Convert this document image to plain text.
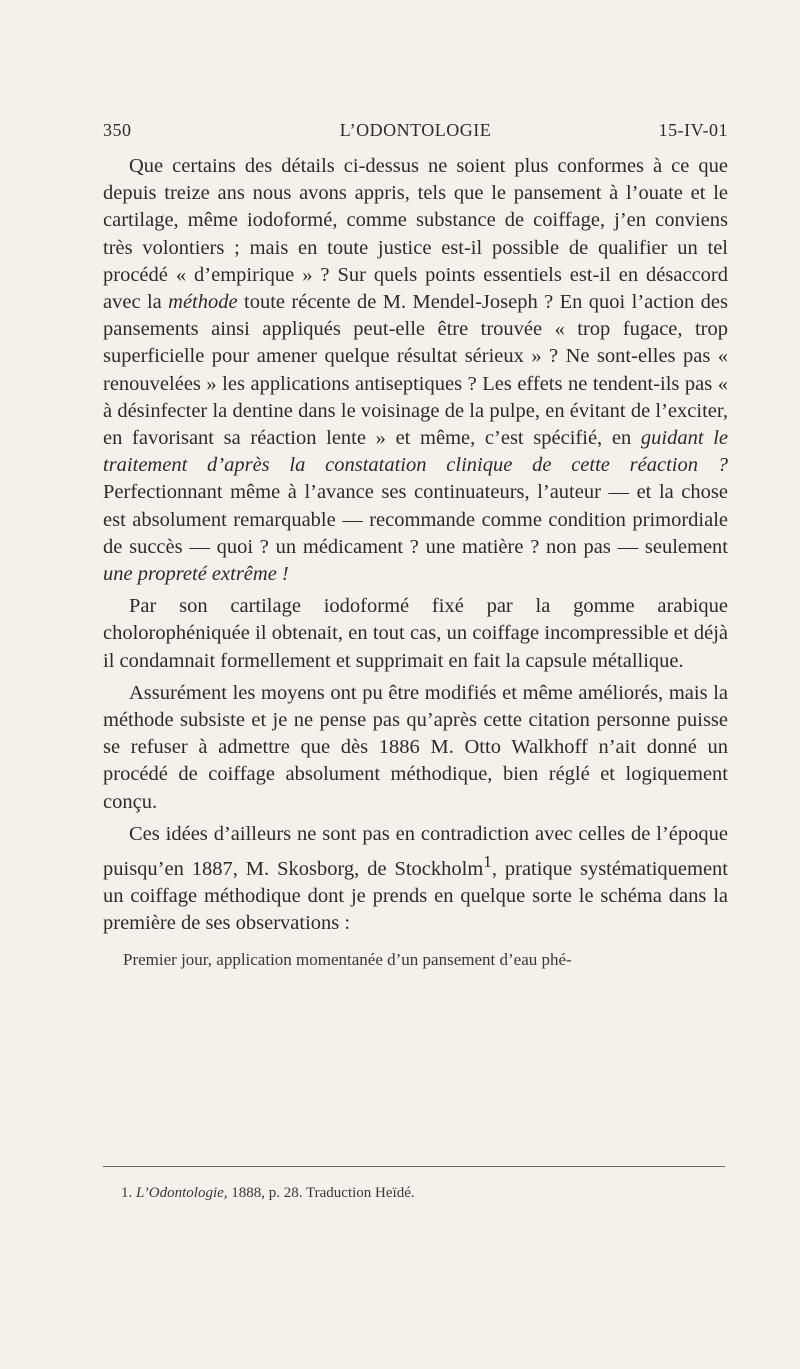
350	L’ODONTOLOGIE	15-IV-01

Que certains des détails ci-dessus ne soient plus conformes à ce que depuis treize ans nous avons appris, tels que le pansement à l’ouate et le cartilage, même iodoformé, comme substance de coiffage, j’en conviens très volontiers ; mais en toute justice est-il possible de qualifier un tel procédé « d’empirique » ? Sur quels points essentiels est-il en désaccord avec la méthode toute récente de M. Mendel-Joseph ? En quoi l’action des pansements ainsi appliqués peut-elle être trouvée « trop fugace, trop superficielle pour amener quelque résultat sérieux » ? Ne sont-elles pas « renouvelées » les applications antiseptiques ? Les effets ne tendent-ils pas « à désinfecter la dentine dans le voisinage de la pulpe, en évitant de l’exciter, en favorisant sa réaction lente » et même, c’est spécifié, en guidant le traitement d’après la constatation clinique de cette réaction ? Perfectionnant même à l’avance ses continuateurs, l’auteur — et la chose est absolument remarquable — recommande comme condition primordiale de succès — quoi ? un médicament ? une matière ? non pas — seulement une propreté extrême !

Par son cartilage iodoformé fixé par la gomme arabique cholorophéniquée il obtenait, en tout cas, un coiffage incompressible et déjà il condamnait formellement et supprimait en fait la capsule métallique.

Assurément les moyens ont pu être modifiés et même améliorés, mais la méthode subsiste et je ne pense pas qu’après cette citation personne puisse se refuser à admettre que dès 1886 M. Otto Walkhoff n’ait donné un procédé de coiffage absolument méthodique, bien réglé et logiquement conçu.

Ces idées d’ailleurs ne sont pas en contradiction avec celles de l’époque puisqu’en 1887, M. Skosborg, de Stockholm$^1$, pratique systématiquement un coiffage méthodique dont je prends en quelque sorte le schéma dans la première de ses observations :

Premier jour, application momentanée d’un pansement d’eau phé-

1. L’Odontologie, 1888, p. 28. Traduction Heïdé.
